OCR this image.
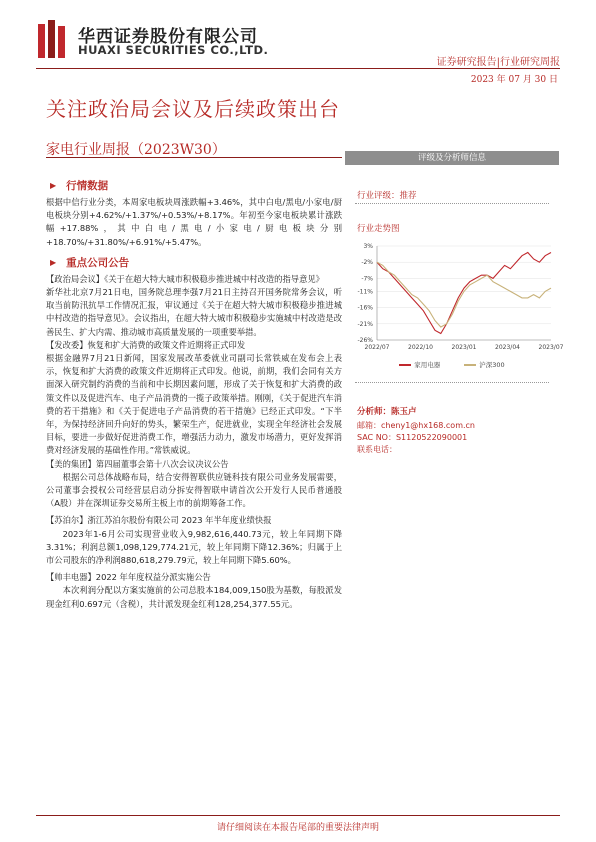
华西证券股份有限公司
HUAXI SECURITIES CO.,LTD.
证券研究报告|行业研究周报
2023 年 07 月 30 日
关注政治局会议及后续政策出台
家电行业周报（2023W30）
▶ 行情数据

根据中信行业分类，本周家电板块周涨跌幅+3.46%，其中白电/黑电/小家电/厨电板块分别+4.62%/+1.37%/+0.53%/+8.17%。年初至今家电板块累计涨跌幅+17.88%，其中白电/黑电/小家电/厨电板块分别+18.70%/+31.80%/+6.91%/+5.47%。

▶ 重点公司公告

【政治局会议】《关于在超大特大城市积极稳步推进城中村改造的指导意见》

新华社北京7月21日电，国务院总理李强7月21日主持召开国务院常务会议，听取当前防汛抗旱工作情况汇报，审议通过《关于在超大特大城市积极稳步推进城中村改造的指导意见》。会议指出，在超大特大城市积极稳步实施城中村改造是改善民生、扩大内需、推动城市高质量发展的一项重要举措。

【发改委】恢复和扩大消费的政策文件近期将正式印发

根据金融界7月21日新闻，国家发展改革委就业司副司长常铁威在发布会上表示，恢复和扩大消费的政策文件近期将正式印发。他说，前期，我们会同有关方面深入研究制约消费的当前和中长期因素问题，形成了关于恢复和扩大消费的政策文件以及促进汽车、电子产品消费的一揽子政策举措。刚刚，《关于促进汽车消费的若干措施》和《关于促进电子产品消费的若干措施》已经正式印发。“下半年，为保持经济回升向好的势头，繁荣生产，促进就业，实现全年经济社会发展目标，要进一步做好促进消费工作，增强活力动力，激发市场潜力，更好发挥消费对经济发展的基础性作用。”常铁威说。

【美的集团】第四届董事会第十八次会议决议公告

根据公司总体战略布局，结合安得智联供应链科技有限公司业务发展需要，公司董事会授权公司经营层启动分拆安得智联申请首次公开发行人民币普通股（A股）并在深圳证券交易所主板上市的前期筹备工作。

【苏泊尔】浙江苏泊尔股份有限公司 2023 年半年度业绩快报

2023年1-6月公司实现营业收入9,982,616,440.73元，较上年同期下降3.31%；利润总额1,098,129,774.21元，较上年同期下降12.36%；归属于上市公司股东的净利润880,618,279.79元，较上年同期下降5.60%。

【帅丰电器】2022 年年度权益分派实施公告

本次利润分配以方案实施前的公司总股本184,009,150股为基数，每股派发现金红利0.697元（含税），共计派发现金红利128,254,377.55元。

评级及分析师信息
行业评级：推荐
行业走势图
3%
-2%
-7%
-11%
-16%
-21%
-26%
2022/07	2022/10	2023/01	2023/04	2023/07
家用电器	沪深300
分析师：陈玉卢
邮箱：cheny1@hx168.com.cn
SAC NO：S1120522090001
联系电话：
请仔细阅读在本报告尾部的重要法律声明
